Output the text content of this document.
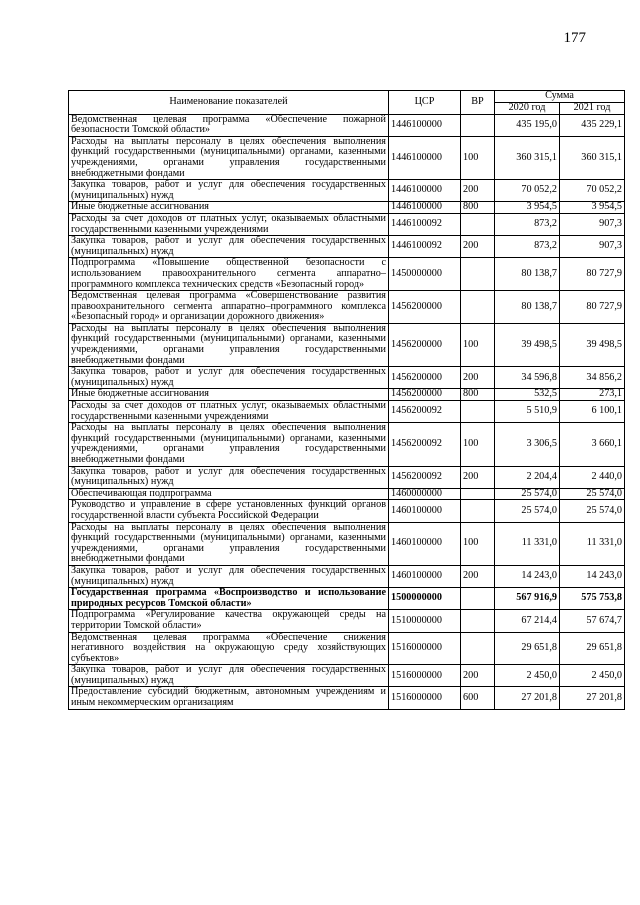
177
Наименование показателей	ЦСР	ВР	Сумма	
			2020 год	2021 год
Ведомственная целевая программа «Обеспечение пожарной безопасности Томской области»	1446100000		435 195,0	435 229,1
Расходы на выплаты персоналу в целях обеспечения выполнения функций государственными (муниципальными) органами, казенными учреждениями, органами управления государственными внебюджетными фондами	1446100000	100	360 315,1	360 315,1
Закупка товаров, работ и услуг для обеспечения государственных (муниципальных) нужд	1446100000	200	70 052,2	70 052,2
Иные бюджетные ассигнования	1446100000	800	3 954,5	3 954,5
Расходы за счет доходов от платных услуг, оказываемых областными государственными казенными учреждениями	1446100092		873,2	907,3
Закупка товаров, работ и услуг для обеспечения государственных (муниципальных) нужд	1446100092	200	873,2	907,3
Подпрограмма «Повышение общественной безопасности с использованием правоохранительного сегмента аппаратно–программного комплекса технических средств «Безопасный город»	1450000000		80 138,7	80 727,9
Ведомственная целевая программа «Совершенствование развития правоохранительного сегмента аппаратно–программного комплекса «Безопасный город» и организации дорожного движения»	1456200000		80 138,7	80 727,9
Расходы на выплаты персоналу в целях обеспечения выполнения функций государственными (муниципальными) органами, казенными учреждениями, органами управления государственными внебюджетными фондами	1456200000	100	39 498,5	39 498,5
Закупка товаров, работ и услуг для обеспечения государственных (муниципальных) нужд	1456200000	200	34 596,8	34 856,2
Иные бюджетные ассигнования	1456200000	800	532,5	273,1
Расходы за счет доходов от платных услуг, оказываемых областными государственными казенными учреждениями	1456200092		5 510,9	6 100,1
Расходы на выплаты персоналу в целях обеспечения выполнения функций государственными (муниципальными) органами, казенными учреждениями, органами управления государственными внебюджетными фондами	1456200092	100	3 306,5	3 660,1
Закупка товаров, работ и услуг для обеспечения государственных (муниципальных) нужд	1456200092	200	2 204,4	2 440,0
Обеспечивающая подпрограмма	1460000000		25 574,0	25 574,0
Руководство и управление в сфере установленных функций органов государственной власти субъекта Российской Федерации	1460100000		25 574,0	25 574,0
Расходы на выплаты персоналу в целях обеспечения выполнения функций государственными (муниципальными) органами, казенными учреждениями, органами управления государственными внебюджетными фондами	1460100000	100	11 331,0	11 331,0
Закупка товаров, работ и услуг для обеспечения государственных (муниципальных) нужд	1460100000	200	14 243,0	14 243,0
Государственная программа «Воспроизводство и использование природных ресурсов Томской области»	1500000000		567 916,9	575 753,8
Подпрограмма «Регулирование качества окружающей среды на территории Томской области»	1510000000		67 214,4	57 674,7
Ведомственная целевая программа «Обеспечение снижения негативного воздействия на окружающую среду хозяйствующих субъектов»	1516000000		29 651,8	29 651,8
Закупка товаров, работ и услуг для обеспечения государственных (муниципальных) нужд	1516000000	200	2 450,0	2 450,0
Предоставление субсидий бюджетным, автономным учреждениям и иным некоммерческим организациям	1516000000	600	27 201,8	27 201,8
